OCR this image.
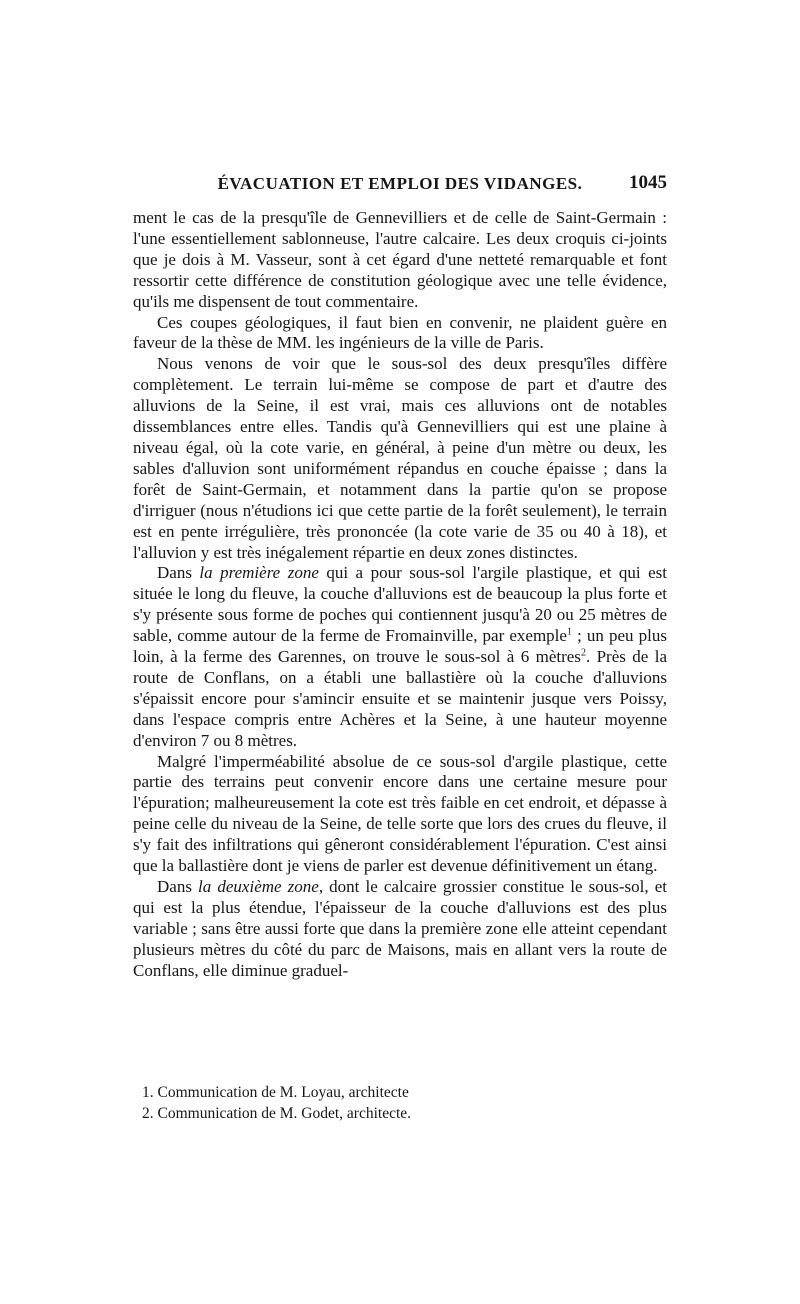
ÉVACUATION ET EMPLOI DES VIDANGES.	1045

ment le cas de la presqu'île de Gennevilliers et de celle de Saint-Germain : l'une essentiellement sablonneuse, l'autre calcaire. Les deux croquis ci-joints que je dois à M. Vasseur, sont à cet égard d'une netteté remarquable et font ressortir cette différence de constitution géologique avec une telle évidence, qu'ils me dispensent de tout commentaire.

Ces coupes géologiques, il faut bien en convenir, ne plaident guère en faveur de la thèse de MM. les ingénieurs de la ville de Paris.

Nous venons de voir que le sous-sol des deux presqu'îles diffère complètement. Le terrain lui-même se compose de part et d'autre des alluvions de la Seine, il est vrai, mais ces alluvions ont de notables dissemblances entre elles. Tandis qu'à Gennevilliers qui est une plaine à niveau égal, où la cote varie, en général, à peine d'un mètre ou deux, les sables d'alluvion sont uniformément répandus en couche épaisse ; dans la forêt de Saint-Germain, et notamment dans la partie qu'on se propose d'irriguer (nous n'étudions ici que cette partie de la forêt seulement), le terrain est en pente irrégulière, très prononcée (la cote varie de 35 ou 40 à 18), et l'alluvion y est très inégalement répartie en deux zones distinctes.

Dans la première zone qui a pour sous-sol l'argile plastique, et qui est située le long du fleuve, la couche d'alluvions est de beaucoup la plus forte et s'y présente sous forme de poches qui contiennent jusqu'à 20 ou 25 mètres de sable, comme autour de la ferme de Fromainville, par exemple$^1$ ; un peu plus loin, à la ferme des Garennes, on trouve le sous-sol à 6 mètres$^2$. Près de la route de Conflans, on a établi une ballastière où la couche d'alluvions s'épaissit encore pour s'amincir ensuite et se maintenir jusque vers Poissy, dans l'espace compris entre Achères et la Seine, à une hauteur moyenne d'environ 7 ou 8 mètres.

Malgré l'imperméabilité absolue de ce sous-sol d'argile plastique, cette partie des terrains peut convenir encore dans une certaine mesure pour l'épuration; malheureusement la cote est très faible en cet endroit, et dépasse à peine celle du niveau de la Seine, de telle sorte que lors des crues du fleuve, il s'y fait des infiltrations qui gêneront considérablement l'épuration. C'est ainsi que la ballastière dont je viens de parler est devenue définitivement un étang.

Dans la deuxième zone, dont le calcaire grossier constitue le sous-sol, et qui est la plus étendue, l'épaisseur de la couche d'alluvions est des plus variable ; sans être aussi forte que dans la première zone elle atteint cependant plusieurs mètres du côté du parc de Maisons, mais en allant vers la route de Conflans, elle diminue graduel-

1. Communication de M. Loyau, architecte
2. Communication de M. Godet, architecte.
